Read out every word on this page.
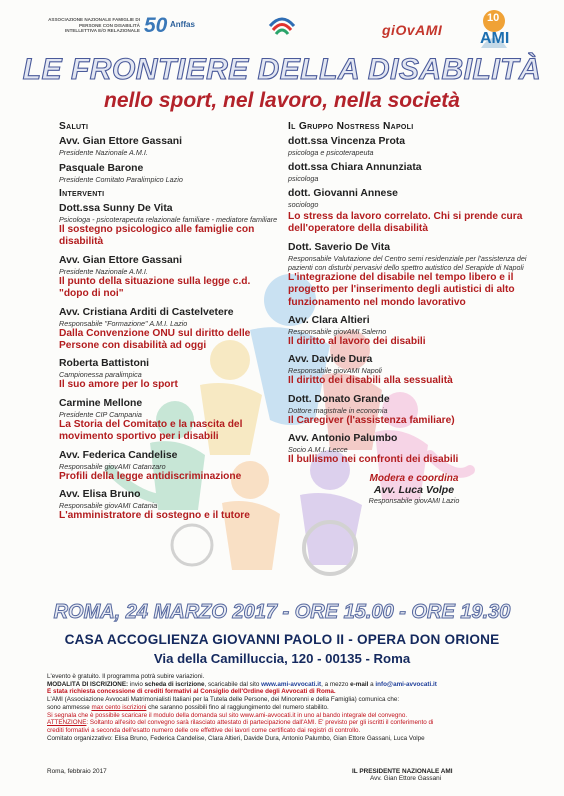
ASSOCIAZIONE NAZIONALE FAMIGLIE DI PERSONE CON DISABILITÀ INTELLETTIVA E/O RELAZIONALE 50 Anffas	giOvAMI
10
AMI
LE FRONTIERE DELLA DISABILITÀ
nello sport, nel lavoro, nella società
Saluti
Avv. Gian Ettore Gassani
Presidente Nazionale A.M.I.
Pasquale Barone
Presidente Comitato Paralimpico Lazio
Interventi
Dott.ssa Sunny De Vita
Psicologa - psicoterapeuta relazionale familiare - mediatore familiare
Il sostegno psicologico alle famiglie con disabilità
Avv. Gian Ettore Gassani
Presidente Nazionale A.M.I.
Il punto della situazione sulla legge c.d. "dopo di noi"
Avv. Cristiana Arditi di Castelvetere
Responsabile "Formazione" A.M.I. Lazio
Dalla Convenzione ONU sul diritto delle Persone con disabilità ad oggi
Roberta Battistoni
Campionessa paralimpica
Il suo amore per lo sport
Carmine Mellone
Presidente CIP Campania
La Storia del Comitato e la nascita del movimento sportivo per i disabili
Avv. Federica Candelise
Responsabile giovAMI Catanzaro
Profili della legge antidiscriminazione
Avv. Elisa Bruno
Responsabile giovAMI Catania
L'amministratore di sostegno e il tutore
Il Gruppo Nostress Napoli
dott.ssa Vincenza Prota
psicologa e psicoterapeuta
dott.ssa Chiara Annunziata
psicologa
dott. Giovanni Annese
sociologo
Lo stress da lavoro correlato. Chi si prende cura dell'operatore della disabilità
Dott. Saverio De Vita
Responsabile Valutazione del Centro semi residenziale per l'assistenza dei pazienti con disturbi pervasivi dello spettro autistico del Serapide di Napoli
L'integrazione del disabile nel tempo libero e il progetto per l'inserimento degli autistici di alto funzionamento nel mondo lavorativo
Avv. Clara Altieri
Responsabile giovAMI Salerno
Il diritto al lavoro dei disabili
Avv. Davide Dura
Responsabile giovAMI Napoli
Il diritto dei disabili alla sessualità
Dott. Donato Grande
Dottore magistrale in economia
Il Caregiver (l'assistenza familiare)
Avv. Antonio Palumbo
Socio A.M.I. Lecce
Il bullismo nei confronti dei disabili
Modera e coordina
Avv. Luca Volpe
Responsabile giovAMI Lazio
ROMA, 24 MARZO 2017 - ORE 15.00 - ORE 19.30
CASA ACCOGLIENZA GIOVANNI PAOLO II - OPERA DON ORIONE
Via della Camilluccia, 120 - 00135 - Roma
L'evento è gratuito. Il programma potrà subire variazioni.
MODALITÀ DI ISCRIZIONE: invio scheda di iscrizione, scaricabile dal sito www.ami-avvocati.it, a mezzo e-mail a info@ami-avvocati.it
È stata richiesta concessione di crediti formativi al Consiglio dell'Ordine degli Avvocati di Roma.
L'AMI (Associazione Avvocati Matrimonialisti Italiani per la Tutela delle Persone, dei Minorenni e della Famiglia) comunica che:
sono ammesse max cento iscrizioni che saranno possibili fino al raggiungimento del numero stabilito.
Si segnala che è possibile scaricare il modulo della domanda sul sito www.ami-avvocati.it in uno al bando integrale del convegno.
ATTENZIONE: Soltanto all'esito del convegno sarà rilasciato attestato di partecipazione dall'AMI. E' previsto per gli iscritti il conferimento di
crediti formativi a seconda dell'esatto numero delle ore effettive dei lavori come certificato dai registri di controllo.
Comitato organizzativo: Elisa Bruno, Federica Candelise, Clara Altieri, Davide Dura, Antonio Palumbo, Gian Ettore Gassani, Luca Volpe
Roma, febbraio 2017	IL PRESIDENTE NAZIONALE AMI
Avv. Gian Ettore Gassani
